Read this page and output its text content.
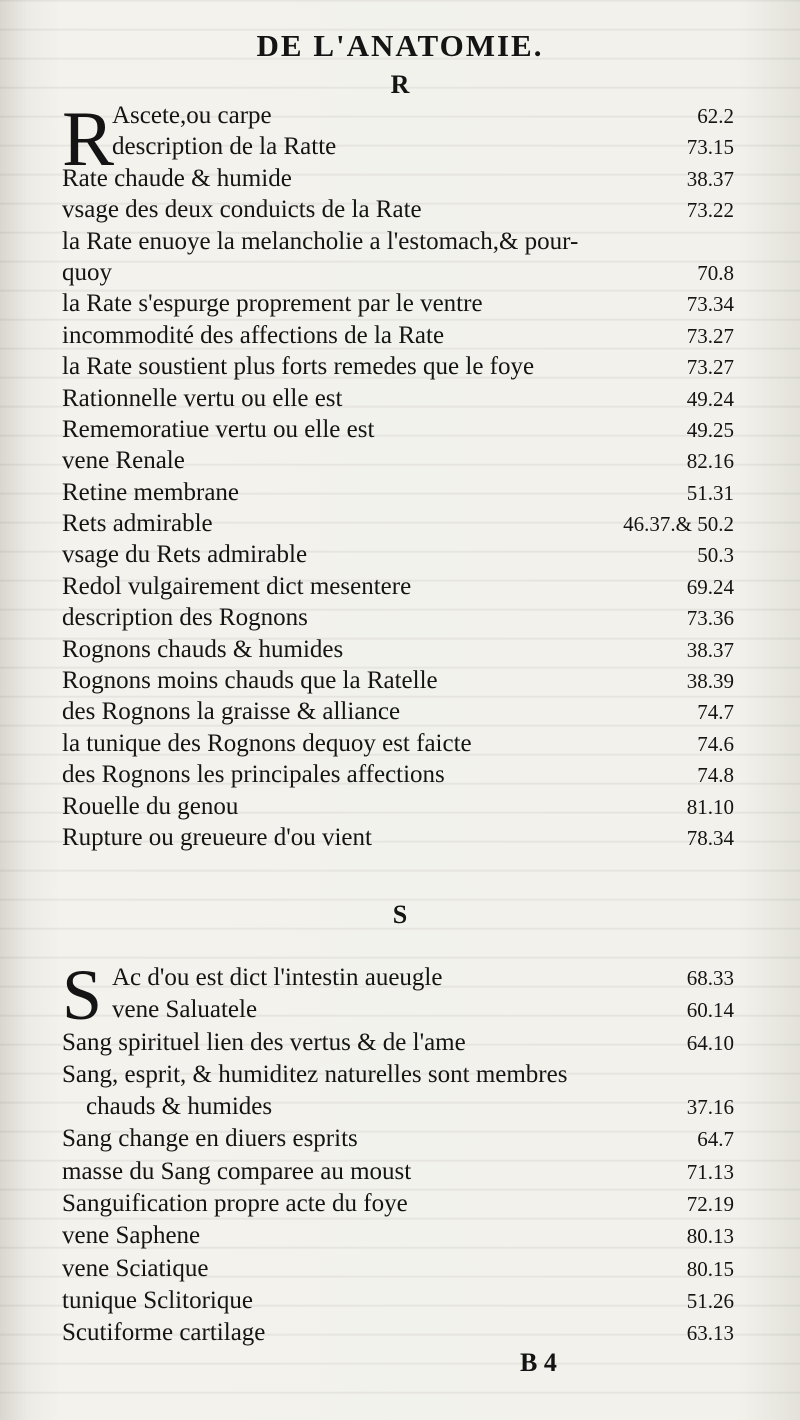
DE L'ANATOMIE.
R
R
Ascete,ou carpe	62.2
description de la Ratte	73.15
Rate chaude & humide	38.37
vsage des deux conduicts de la Rate	73.22
la Rate enuoye la melancholie a l'estomach,& pour-
quoy	70.8
la Rate s'espurge proprement par le ventre	73.34
incommodité des affections de la Rate	73.27
la Rate soustient plus forts remedes que le foye	73.27
Rationnelle vertu ou elle est	49.24
Rememoratiue vertu ou elle est	49.25
vene Renale	82.16
Retine membrane	51.31
Rets admirable	46.37.& 50.2
vsage du Rets admirable	50.3
Redol vulgairement dict mesentere	69.24
description des Rognons	73.36
Rognons chauds & humides	38.37
Rognons moins chauds que la Ratelle	38.39
des Rognons la graisse & alliance	74.7
la tunique des Rognons dequoy est faicte	74.6
des Rognons les principales affections	74.8
Rouelle du genou	81.10
Rupture ou greueure d'ou vient	78.34
S
S Ac d'ou est dict l'intestin aueugle	68.33
vene Saluatele	60.14
Sang spirituel lien des vertus & de l'ame	64.10
Sang, esprit, & humiditez naturelles sont membres
chauds & humides	37.16
Sang change en diuers esprits	64.7
masse du Sang comparee au moust	71.13
Sanguification propre acte du foye	72.19
vene Saphene	80.13
vene Sciatique	80.15
tunique Sclitorique	51.26
Scutiforme cartilage	63.13
B 4
